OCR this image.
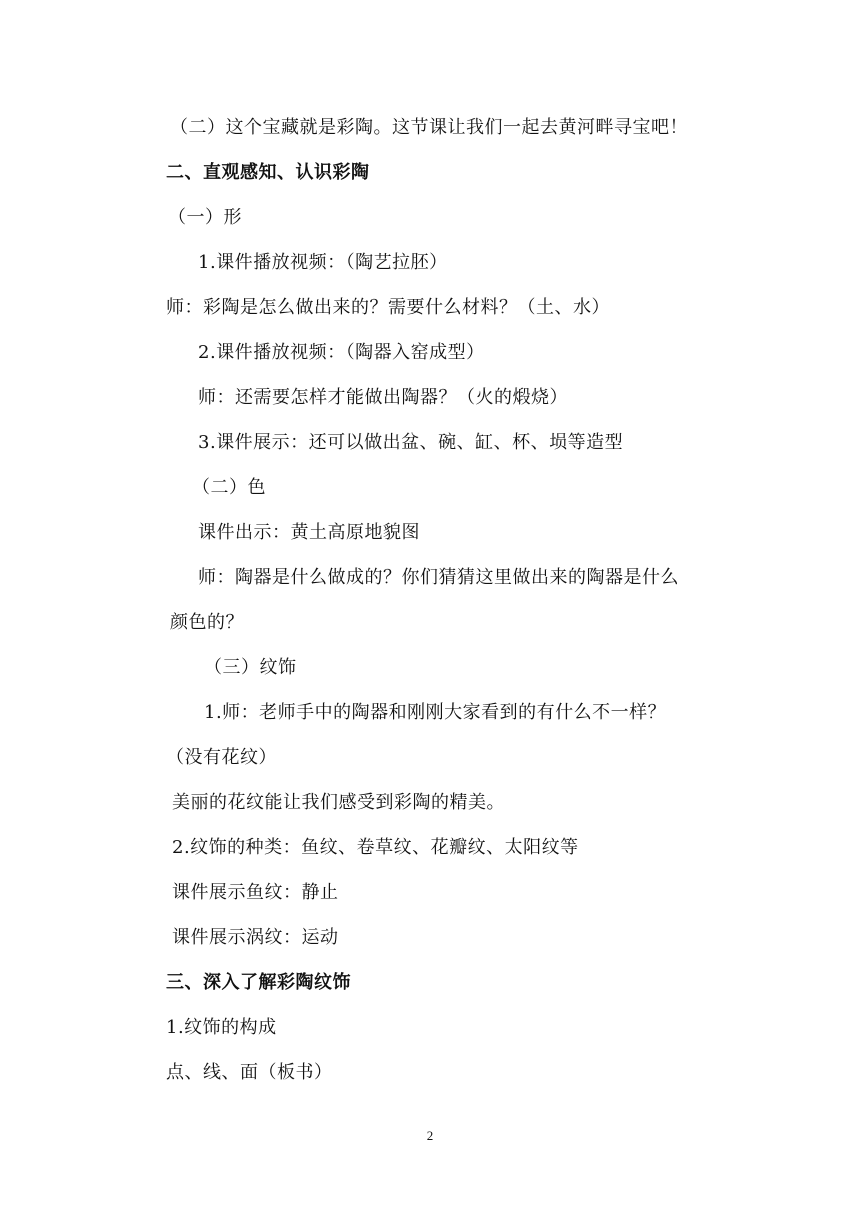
（二）这个宝藏就是彩陶。这节课让我们一起去黄河畔寻宝吧！
二、直观感知、认识彩陶
（一）形
1.课件播放视频：（陶艺拉胚）
师：彩陶是怎么做出来的？需要什么材料？（土、水）
2.课件播放视频：（陶器入窑成型）
师：还需要怎样才能做出陶器？（火的煅烧）
3.课件展示：还可以做出盆、碗、缸、杯、埙等造型
（二）色
课件出示：黄土高原地貌图
师：陶器是什么做成的？你们猜猜这里做出来的陶器是什么
颜色的？
（三）纹饰
1.师：老师手中的陶器和刚刚大家看到的有什么不一样？
（没有花纹）
美丽的花纹能让我们感受到彩陶的精美。
2.纹饰的种类：鱼纹、卷草纹、花瓣纹、太阳纹等
课件展示鱼纹：静止
课件展示涡纹：运动
三、深入了解彩陶纹饰
1.纹饰的构成
点、线、面（板书）
2
